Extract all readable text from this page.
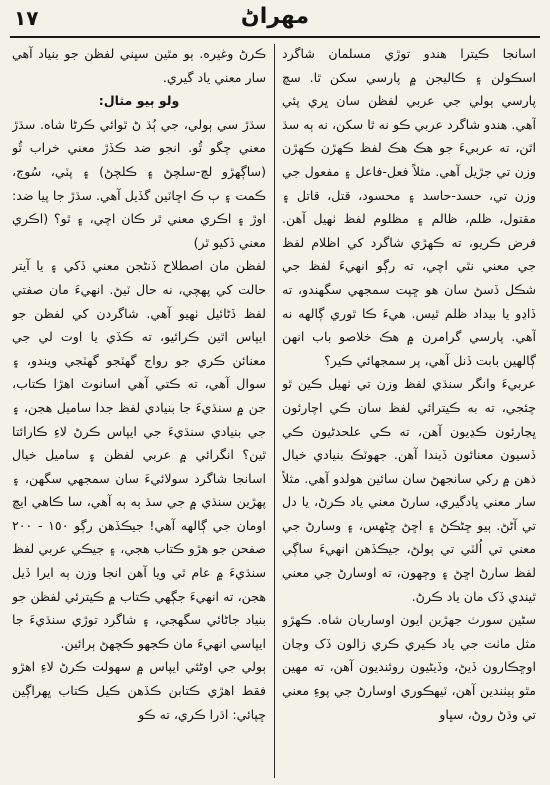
١٧	مهراڻ

اسانجا ڪيترا هندو توڙي مسلمان شاگرد اسڪولن ۽ ڪاليجن ۾ پارسي سکن ٿا. سچ پارسي ٻولي جي عربي لفظن سان ڀري پئي آهي. هندو شاگرد عربي ڪو نه ٿا سکن، نه ٻه سڌ اٿن، ته عربيءَ جو هڪ هڪ لفظ ڪهڙن ڪهڙن وزن تي جڙيل آهي. مثلاً فعل-فاعل ۽ مفعول جي وزن تي، حسد-حاسد ۽ محسود، قتل، قاتل ۽ مقتول، ظلم، ظالم ۽ مظلوم لفظ ٺهيل آهن. فرض ڪريو، ته ڪهڙي شاگرد کي اظلام لفظ جي معني نٿي اچي، ته رڳو انهيءَ لفظ جي شڪل ڏسڻ سان هو ڇپت سمجهي سگهندو، ته ڏاڍو يا بيداد ظلم ٿيس. هيءَ ڪا ٿوري ڳالهه نه آهي. پارسي گرامرن ۾ هڪ خلاصو باب انهن ڳالهين بابت ڏنل آهي، پر سمجهائي ڪير؟

عربيءَ وانگر سنڌي لفظ وزن تي ٺهيل ڪين ٿو چئجي، ته به ڪيترائي لفظ سان ڪي اچارئون ڀڃارئون ڪڍيون آهن، ته ڪي علحدڻيون ڪي ڏسيون معنائون ڏيندا آهن. جهوٽڪ بنيادي خيال ذهن ۾ رکي سانجهڻ سان سائين هولدو آهي. مثلاً سار معني پادگيري، سارڻ معني ياد ڪرڻ، يا دل تي آڻڻ. ٻيو ڇڻڪڻ ۽ اڇڻ ڇڻهس، ۽ وسارڻ جي معني تي اُلٽي تي ٻولڻ، جيڪڏهن انهيءَ ساڳي لفظ سارڻ اڇڻ ۽ وڄهون، ته اوسارڻ جي معني ٿيندي ڏک مان ياد ڪرڻ.

سڻين سورٺ جهڙين ايون اوساريان شاه. ڪهڙو مثل ماٺت جي ياد ڪيري ڪري زالون ڏک وڃان اوڇڪارون ڏيڻ، وڏيڻيون روئنديون آهن، ته مهين مٿو ٻيٺندين آهن، ٽيهڪوري اوسارڻ جي پوءِ معني تي وڌڻ روڻ، سڀاو

ڪرڻ وغيره. ٻو مٿين سڀني لفظن جو بنياد آهي سار معني ياد گيري.

ولو ٻيو مثال:

سڌڙ سي ٻولي، جي ٻُڌ ڻ ٿوائي ڪرڻا شاه. سڌڙ معني چگو ٿُو. انجو ضد ڪڏڙ معني خراب ٿُو (ساڳهڙو لچ-سلچڻ ۽ ڪلچڻ) ۽ پٽي، سُوڄ، ڪمت ۽ ٻ ڪ اڇاٽين گڏيل آهي. سڌڙ جا پيا ضد: اوڙ ۽ اڪري معني ٿر ڪان اچي، ۽ ٿو؟ (اڪري معني ڏکيو ٿر)

لفظن مان اصطلاح ڏنڻجن معني ڏکي ۽ يا آيتر حالت کي پهچي، نه حال ٽيڻ. انهيءَ مان صفتي لفظ ڏڻائيل ٺهيو آهي. شاگردن کي لفظن جو ايپاس اٿين ڪرائيو، ته ڪڏي يا اوت لي جي معنائن ڪري جو رواج گهٽجو گهٽجي ويندو، ۽ سوال آهي، ته ڪتي آهي اسانوٽ اهڙا ڪتاب، جن ۾ سنڌيءَ جا بنيادي لفظ جدا ساميل هجن، ۽ جي بنيادي سنڌيءَ جي ايپاس ڪرڻ لاءِ ڪارائتا ٿين؟ انگرائي ۾ عربي لفظن ۽ ساميل خيال اسانجا شاگرد سولائيءَ سان سمجهي سگهن، ۽ پهڙين سنڌي ۾ جي سڌ ٻه ٻه آهي، سا ڪاهي ايچ اومان جي ڳالهه آهي! جيڪڏهن رڳو ١٥٠ - ٢٠٠ صفحن جو هڙو ڪتاب هجي، ۽ جيڪي عربي لفظ سنڌيءَ ۾ عام ٿي ويا آهن انجا وزن ٻه ايرا ڏيل هجن، ته انهيءَ جڳهي ڪتاب ۾ ڪيترئي لفظن جو بنياد جاڻائي سگهجي، ۽ شاگرد توڙي سنڌيءَ جا ايپاسي انهيءَ مان ڪجهو ڪچهڻ ٻرائين.

ٻولي جي اوڻئي ايپاس ۾ سهولت ڪرڻ لاءِ اهڙو فقط اهڙي ڪتابن ڪڏهن ڪيل ڪتاب ڀهراڳين ڇپائي: اڌرا ڪري، ته ڪو
